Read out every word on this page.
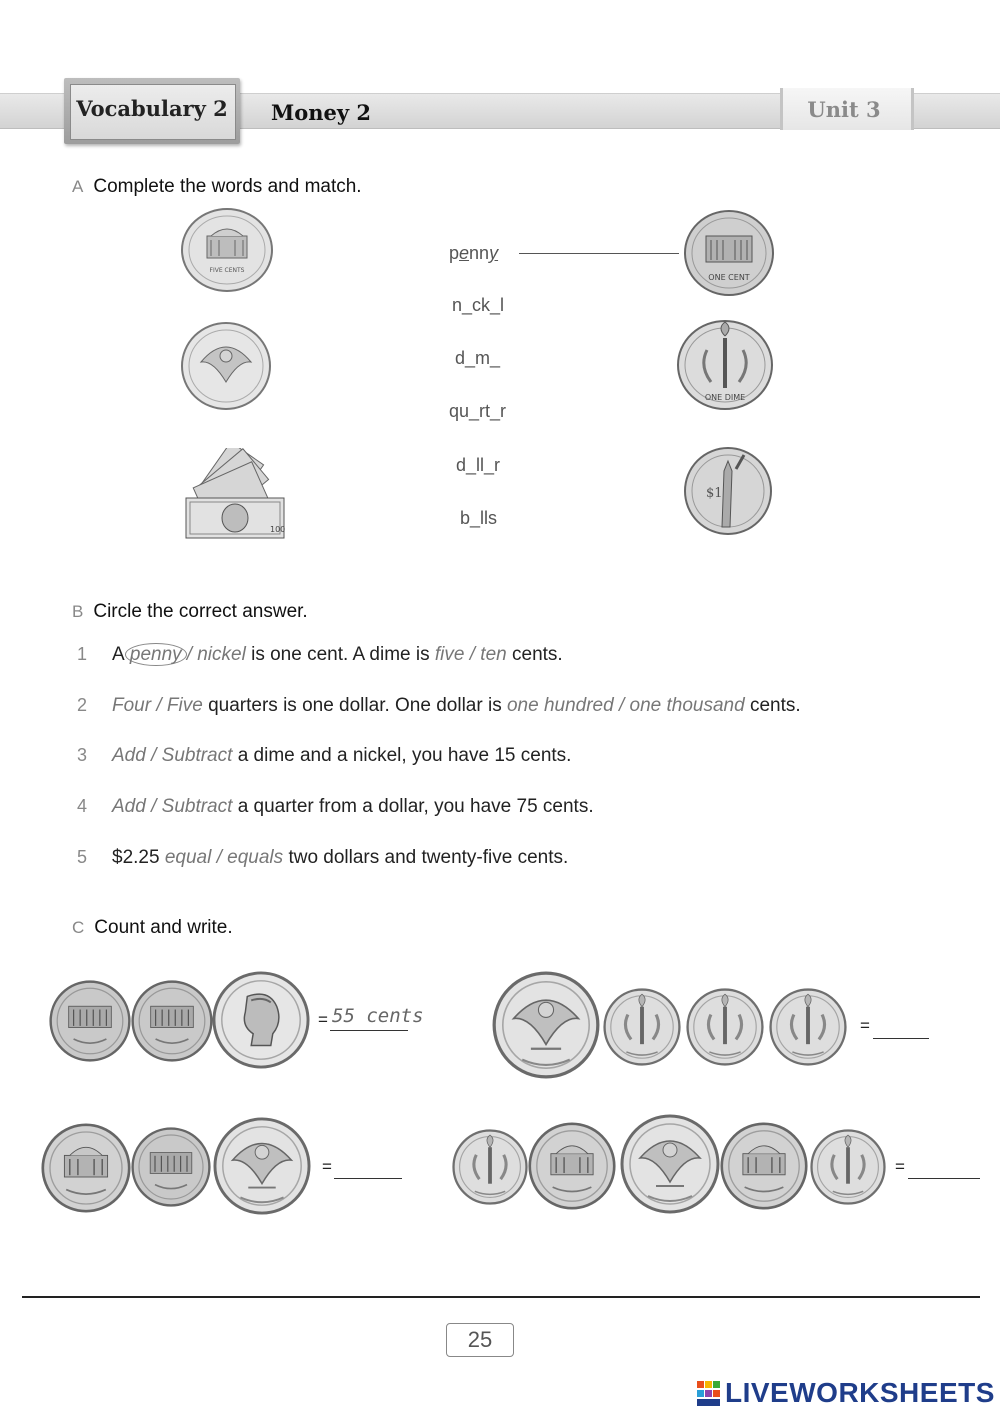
Vocabulary 2 Money 2	Unit 3
A Complete the words and match.
FIVE CENTS
100
penny
n_ck_l
d_m_
qu_rt_r
d_ll_r
b_lls
ONE CENT
ONE DIME
$1
B Circle the correct answer.
1 A penny / nickel is one cent. A dime is five / ten cents.
2 Four / Five quarters is one dollar. One dollar is one hundred / one thousand cents.
3 Add / Subtract a dime and a nickel, you have 15 cents.
4 Add / Subtract a quarter from a dollar, you have 75 cents.
5 $2.25 equal / equals two dollars and twenty-five cents.
C Count and write.
= 55 cents	=
=	=
25
LIVEWORKSHEETS
